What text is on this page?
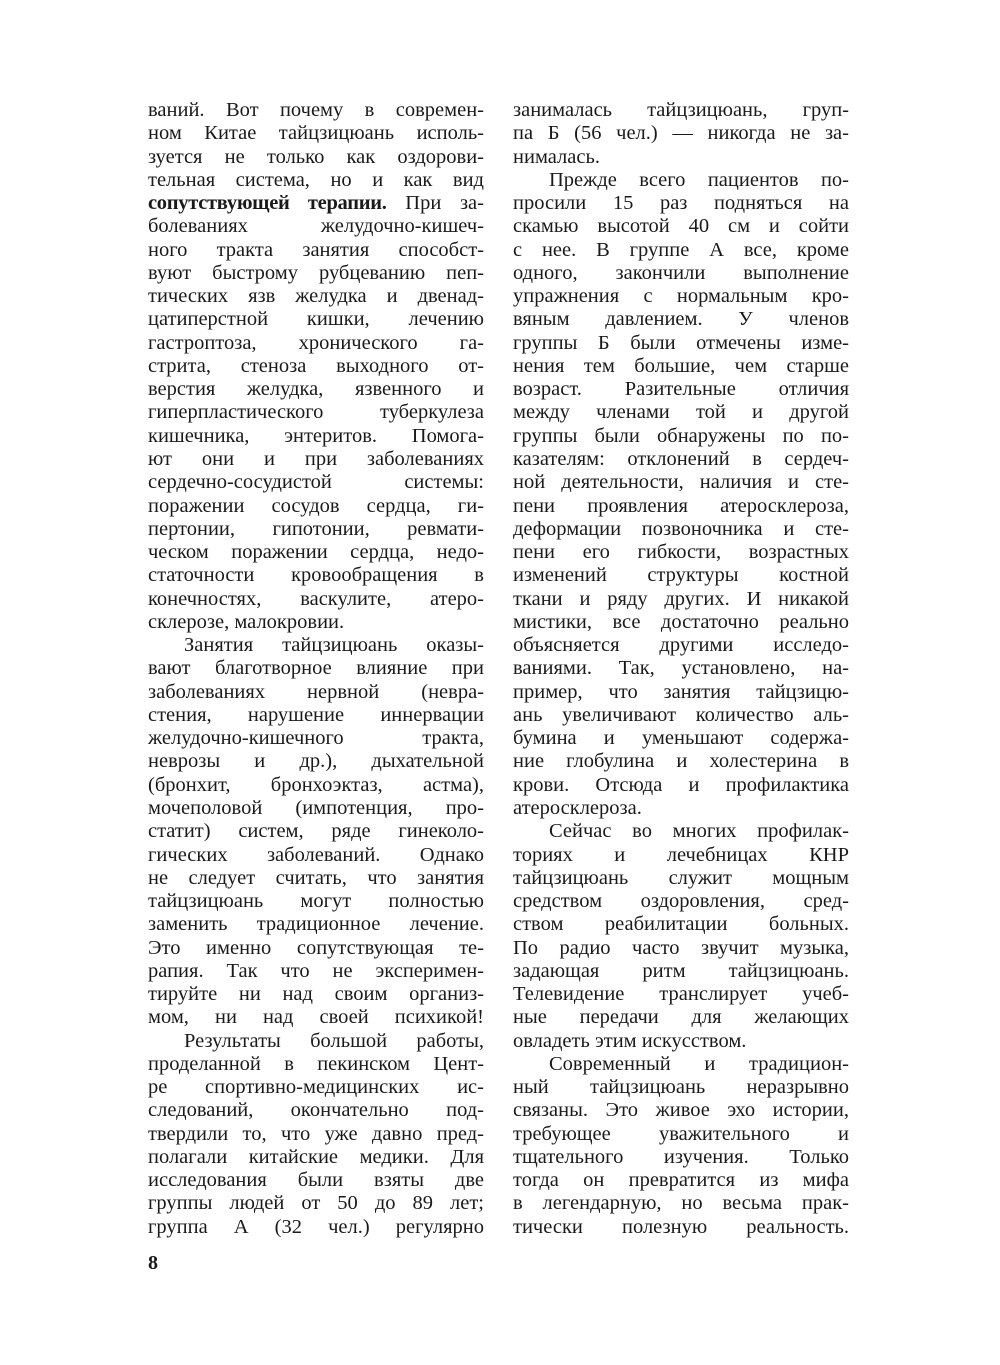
ваний. Вот почему в современ-
ном Китае тайцзицюань исполь-
зуется не только как оздорови-
тельная система, но и как вид
сопутствующей терапии. При за-
болеваниях желудочно-кишеч-
ного тракта занятия способст-
вуют быстрому рубцеванию пеп-
тических язв желудка и двенад-
цатиперстной кишки, лечению
гастроптоза, хронического га-
стрита, стеноза выходного от-
верстия желудка, язвенного и
гиперпластического туберкулеза
кишечника, энтеритов. Помога-
ют они и при заболеваниях
сердечно-сосудистой системы:
поражении сосудов сердца, ги-
пертонии, гипотонии, ревмати-
ческом поражении сердца, недо-
статочности кровообращения в
конечностях, васкулите, атеро-
склерозе, малокровии.
Занятия тайцзицюань оказы-
вают благотворное влияние при
заболеваниях нервной (невра-
стения, нарушение иннервации
желудочно-кишечного тракта,
неврозы и др.), дыхательной
(бронхит, бронхоэктаз, астма),
мочеполовой (импотенция, про-
статит) систем, ряде гинеколо-
гических заболеваний. Однако
не следует считать, что занятия
тайцзицюань могут полностью
заменить традиционное лечение.
Это именно сопутствующая те-
рапия. Так что не эксперимен-
тируйте ни над своим организ-
мом, ни над своей психикой!
Результаты большой работы,
проделанной в пекинском Цент-
ре спортивно-медицинских ис-
следований, окончательно под-
твердили то, что уже давно пред-
полагали китайские медики. Для
исследования были взяты две
группы людей от 50 до 89 лет;
группа А (32 чел.) регулярно
занималась тайцзицюань, груп-
па Б (56 чел.) — никогда не за-
нималась.
Прежде всего пациентов по-
просили 15 раз подняться на
скамью высотой 40 см и сойти
с нее. В группе А все, кроме
одного, закончили выполнение
упражнения с нормальным кро-
вяным давлением. У членов
группы Б были отмечены изме-
нения тем большие, чем старше
возраст. Разительные отличия
между членами той и другой
группы были обнаружены по по-
казателям: отклонений в сердеч-
ной деятельности, наличия и сте-
пени проявления атеросклероза,
деформации позвоночника и сте-
пени его гибкости, возрастных
изменений структуры костной
ткани и ряду других. И никакой
мистики, все достаточно реально
объясняется другими исследо-
ваниями. Так, установлено, на-
пример, что занятия тайцзицю-
ань увеличивают количество аль-
бумина и уменьшают содержа-
ние глобулина и холестерина в
крови. Отсюда и профилактика
атеросклероза.
Сейчас во многих профилак-
ториях и лечебницах КНР
тайцзицюань служит мощным
средством оздоровления, сред-
ством реабилитации больных.
По радио часто звучит музыка,
задающая ритм тайцзицюань.
Телевидение транслирует учеб-
ные передачи для желающих
овладеть этим искусством.
Современный и традицион-
ный тайцзицюань неразрывно
связаны. Это живое эхо истории,
требующее уважительного и
тщательного изучения. Только
тогда он превратится из мифа
в легендарную, но весьма прак-
тически полезную реальность.
8
